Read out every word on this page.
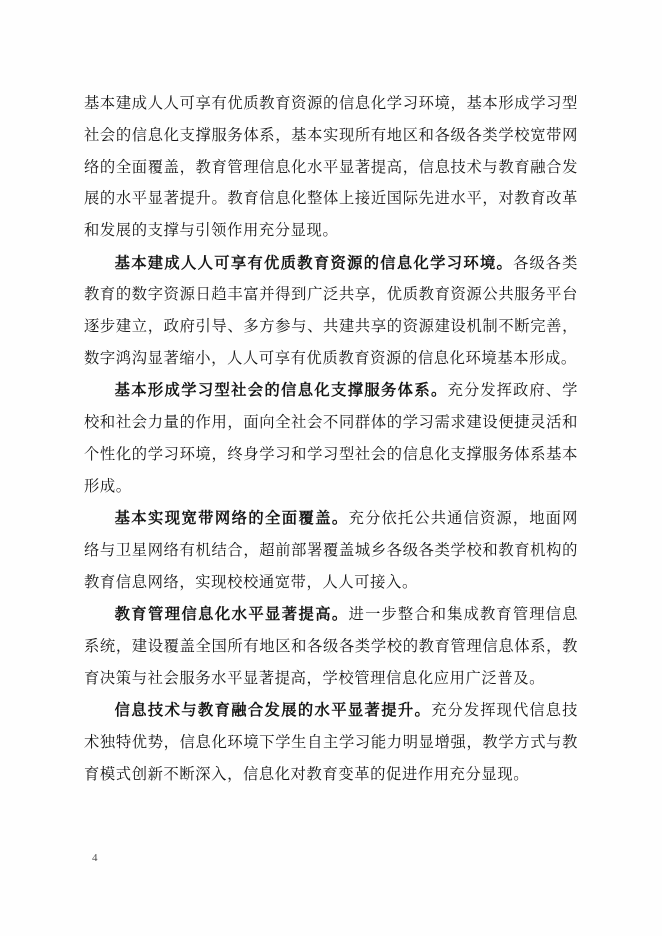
基本建成人人可享有优质教育资源的信息化学习环境，基本形成学习型社会的信息化支撑服务体系，基本实现所有地区和各级各类学校宽带网络的全面覆盖，教育管理信息化水平显著提高，信息技术与教育融合发展的水平显著提升。教育信息化整体上接近国际先进水平，对教育改革和发展的支撑与引领作用充分显现。

基本建成人人可享有优质教育资源的信息化学习环境。各级各类教育的数字资源日趋丰富并得到广泛共享，优质教育资源公共服务平台逐步建立，政府引导、多方参与、共建共享的资源建设机制不断完善，数字鸿沟显著缩小，人人可享有优质教育资源的信息化环境基本形成。

基本形成学习型社会的信息化支撑服务体系。充分发挥政府、学校和社会力量的作用，面向全社会不同群体的学习需求建设便捷灵活和个性化的学习环境，终身学习和学习型社会的信息化支撑服务体系基本形成。

基本实现宽带网络的全面覆盖。充分依托公共通信资源，地面网络与卫星网络有机结合，超前部署覆盖城乡各级各类学校和教育机构的教育信息网络，实现校校通宽带，人人可接入。

教育管理信息化水平显著提高。进一步整合和集成教育管理信息系统，建设覆盖全国所有地区和各级各类学校的教育管理信息体系，教育决策与社会服务水平显著提高，学校管理信息化应用广泛普及。

信息技术与教育融合发展的水平显著提升。充分发挥现代信息技术独特优势，信息化环境下学生自主学习能力明显增强，教学方式与教育模式创新不断深入，信息化对教育变革的促进作用充分显现。

4
